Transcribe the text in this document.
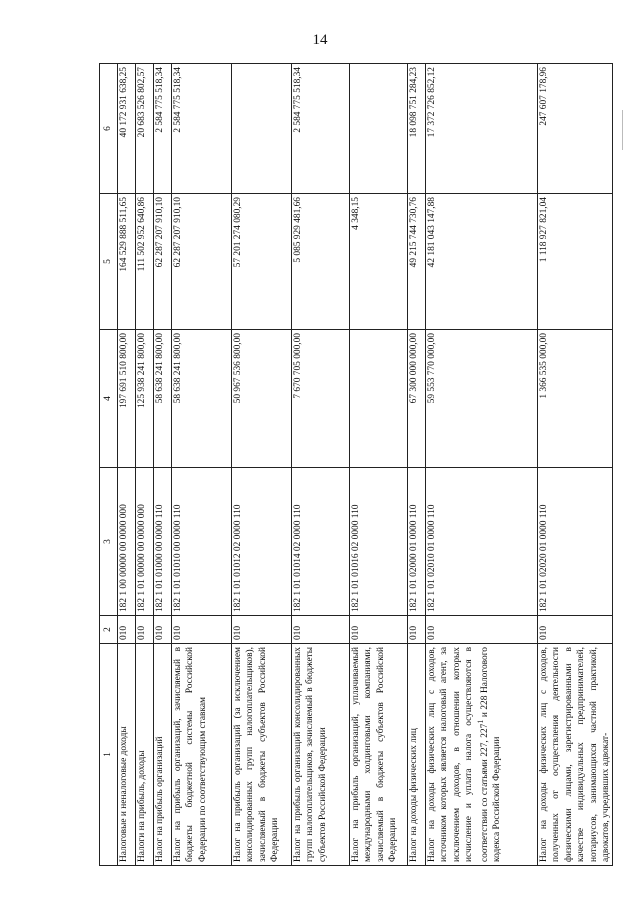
14
1	2	3	4	5	6
Налоговые и неналоговые доходы	010	182 1 00 00000 00 0000 000	197 691 510 800,00	164 529 888 511,65	40 172 931 638,25
Налоги на прибыль, доходы	010	182 1 01 00000 00 0000 000	125 938 241 800,00	111 502 952 640,86	20 683 526 802,57
Налог на прибыль организаций	010	182 1 01 01000 00 0000 110	58 638 241 800,00	62 287 207 910,10	2 584 775 518,34
Налог на прибыль организаций, зачисляемый в бюджеты бюджетной системы Российской Федерации по соответствующим ставкам	010	182 1 01 01010 00 0000 110	58 638 241 800,00	62 287 207 910,10	2 584 775 518,34
Налог на прибыль организаций (за исключением консолидированных групп налогоплательщиков), зачисляемый в бюджеты субъектов Российской Федерации	010	182 1 01 01012 02 0000 110	50 967 536 800,00	57 201 274 080,29	
Налог на прибыль организаций консолидированных групп налогоплательщиков, зачисляемый в бюджеты субъектов Российской Федерации	010	182 1 01 01014 02 0000 110	7 670 705 000,00	5 085 929 481,66	2 584 775 518,34
Налог на прибыль организаций, уплачиваемый международными холдинговыми компаниями, зачисляемый в бюджеты субъектов Российской Федерации	010	182 1 01 01016 02 0000 110		4 348,15	
Налог на доходы физических лиц	010	182 1 01 02000 01 0000 110	67 300 000 000,00	49 215 744 730,76	18 098 751 284,23
Налог на доходы физических лиц с доходов, источником которых является налоговый агент, за исключением доходов, в отношении которых исчисление и уплата налога осуществляются в соответствии со статьями 227, $227^1$ и 228 Налогового кодекса Российской Федерации	010	182 1 01 02010 01 0000 110	59 553 770 000,00	42 181 043 147,88	17 372 726 852,12
Налог на доходы физических лиц с доходов, полученных от осуществления деятельности физическими лицами, зарегистрированными в качестве индивидуальных предпринимателей, нотариусов, занимающихся частной практикой, адвокатов, учредивших адвокат-	010	182 1 01 02020 01 0000 110	1 366 535 000,00	1 118 927 821,04	247 607 178,96
